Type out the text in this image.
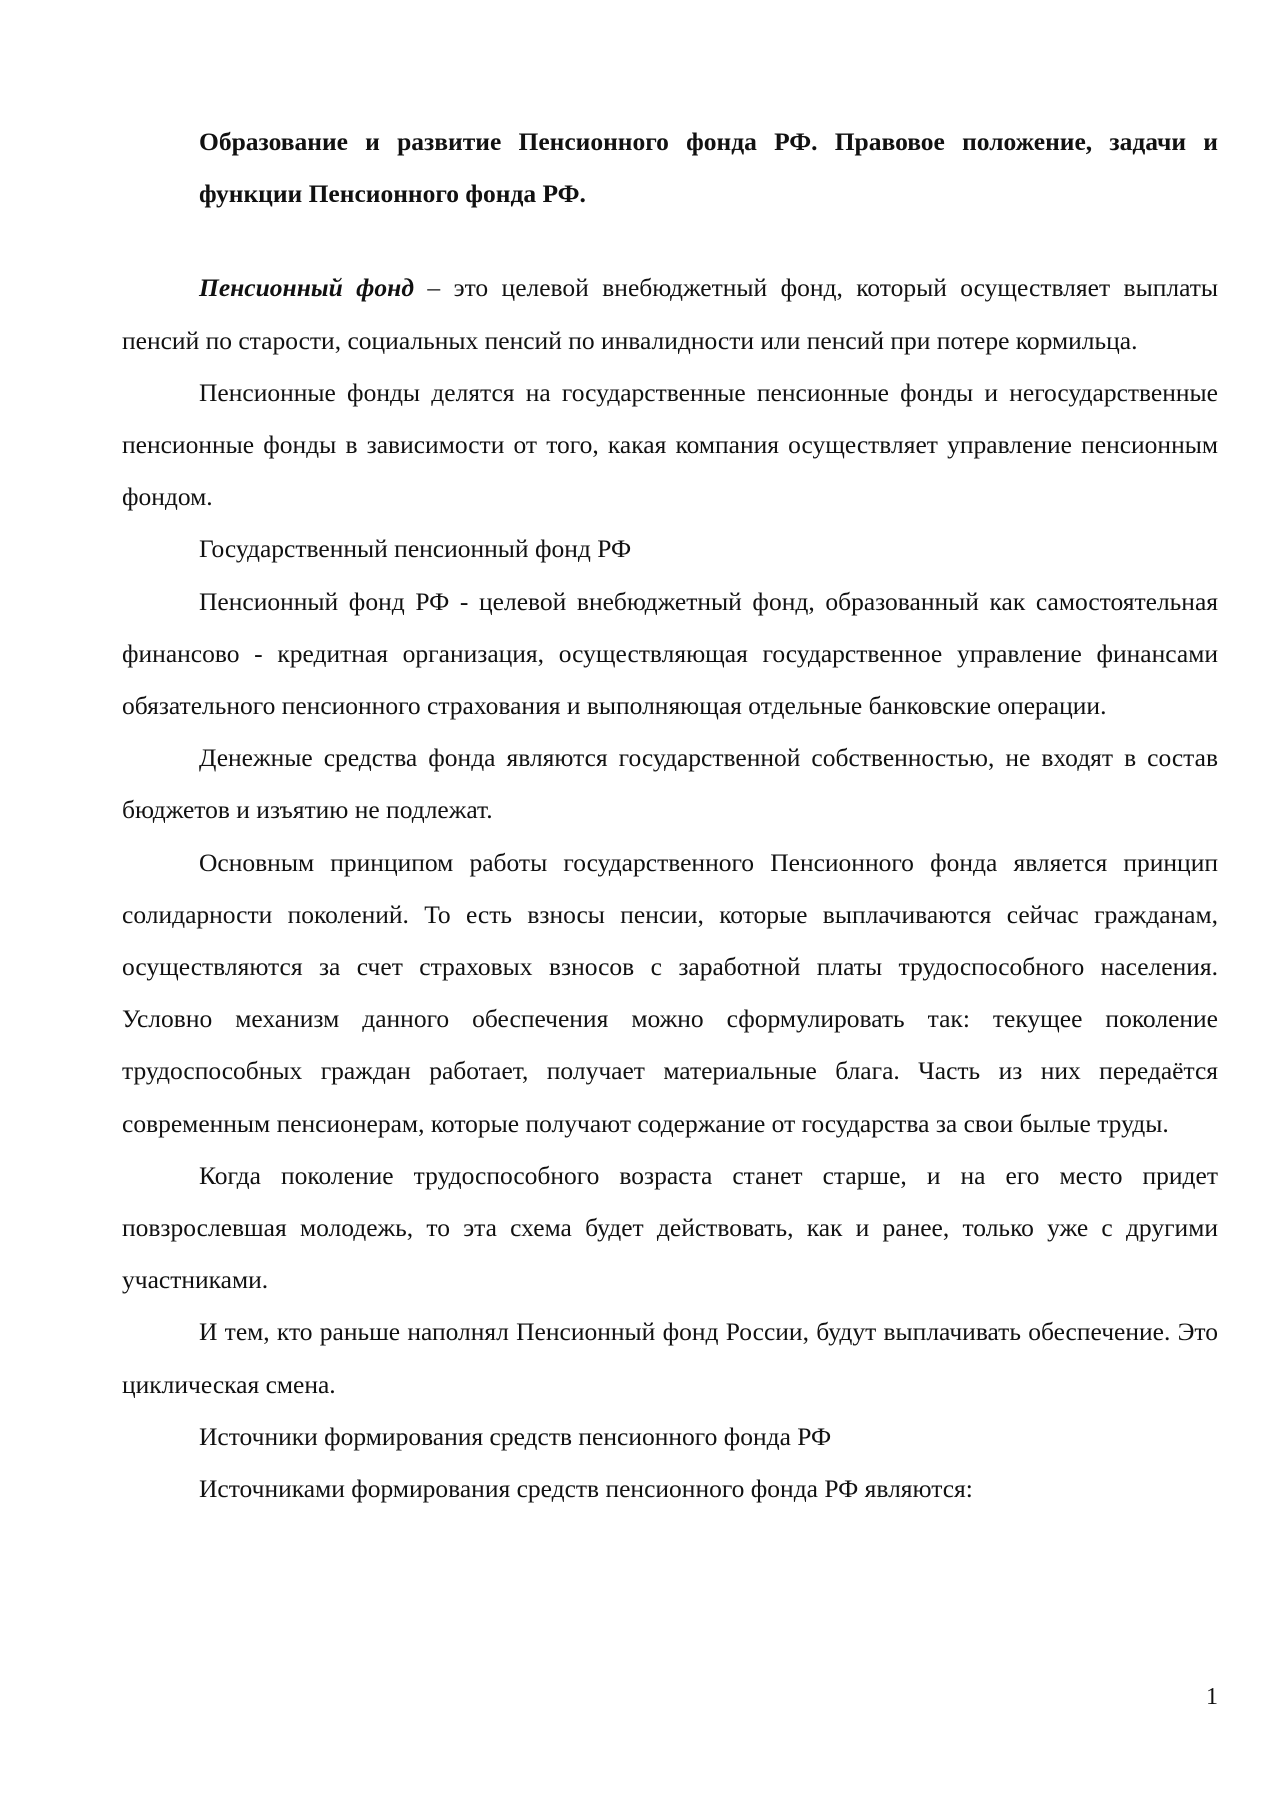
Образование и развитие Пенсионного фонда РФ. Правовое положение, задачи и функции Пенсионного фонда РФ.

Пенсионный фонд – это целевой внебюджетный фонд, который осуществляет выплаты пенсий по старости, социальных пенсий по инвалидности или пенсий при потере кормильца.

Пенсионные фонды делятся на государственные пенсионные фонды и негосударственные пенсионные фонды в зависимости от того, какая компания осуществляет управление пенсионным фондом.

Государственный пенсионный фонд РФ

Пенсионный фонд РФ - целевой внебюджетный фонд, образованный как самостоятельная финансово - кредитная организация, осуществляющая государственное управление финансами обязательного пенсионного страхования и выполняющая отдельные банковские операции.

Денежные средства фонда являются государственной собственностью, не входят в состав бюджетов и изъятию не подлежат.

Основным принципом работы государственного Пенсионного фонда является принцип солидарности поколений. То есть взносы пенсии, которые выплачиваются сейчас гражданам, осуществляются за счет страховых взносов с заработной платы трудоспособного населения. Условно механизм данного обеспечения можно сформулировать так: текущее поколение трудоспособных граждан работает, получает материальные блага. Часть из них передаётся современным пенсионерам, которые получают содержание от государства за свои былые труды.

Когда поколение трудоспособного возраста станет старше, и на его место придет повзрослевшая молодежь, то эта схема будет действовать, как и ранее, только уже с другими участниками.

И тем, кто раньше наполнял Пенсионный фонд России, будут выплачивать обеспечение. Это циклическая смена.

Источники формирования средств пенсионного фонда РФ

Источниками формирования средств пенсионного фонда РФ являются:

1
